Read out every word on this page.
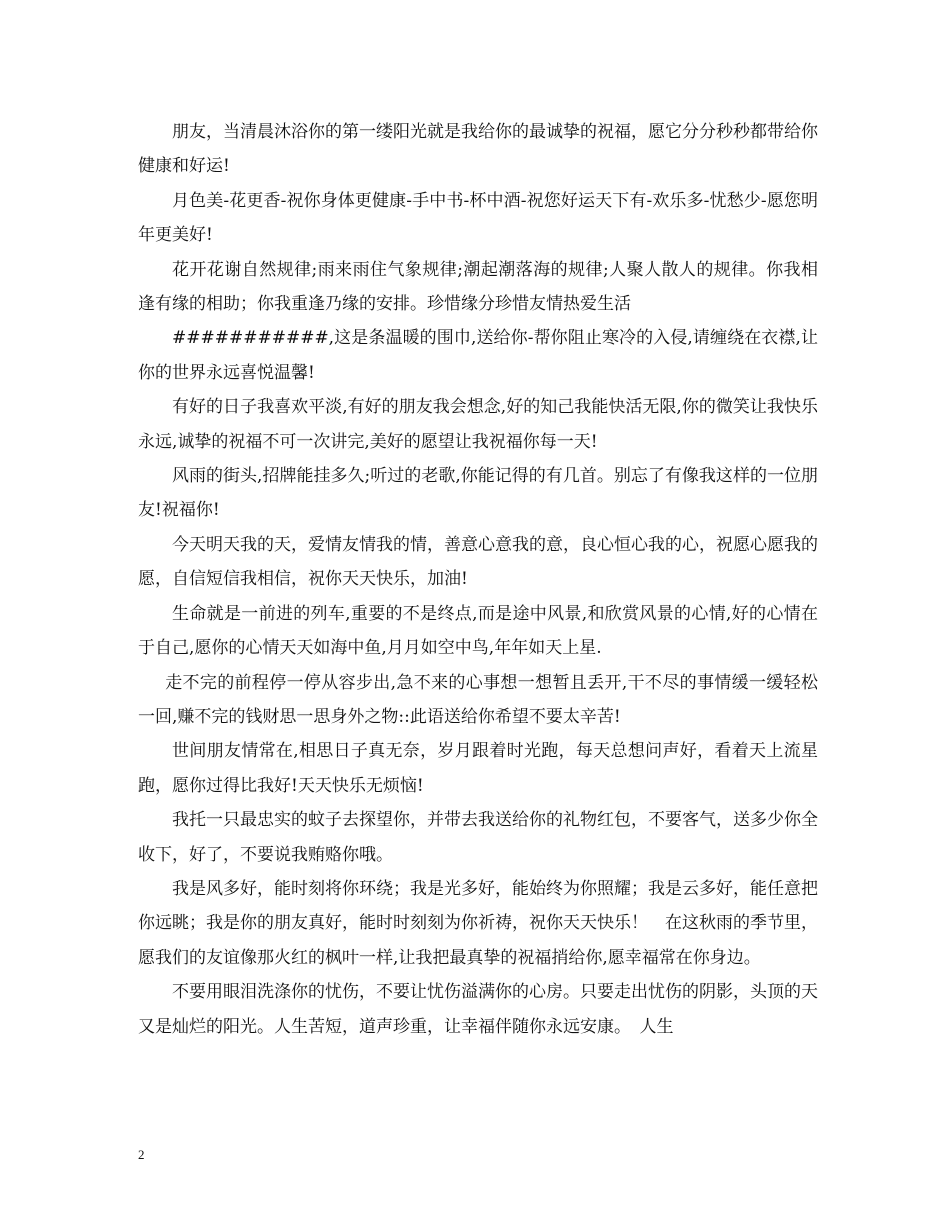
朋友，当清晨沐浴你的第一缕阳光就是我给你的最诚挚的祝福，愿它分分秒秒都带给你健康和好运!

月色美-花更香-祝你身体更健康-手中书-杯中酒-祝您好运天下有-欢乐多-忧愁少-愿您明年更美好!

花开花谢自然规律;雨来雨住气象规律;潮起潮落海的规律;人聚人散人的规律。你我相逢有缘的相助；你我重逢乃缘的安排。珍惜缘分珍惜友情热爱生活

###########,这是条温暖的围巾,送给你-帮你阻止寒冷的入侵,请缠绕在衣襟,让你的世界永远喜悦温馨!

有好的日子我喜欢平淡,有好的朋友我会想念,好的知己我能快活无限,你的微笑让我快乐永远,诚挚的祝福不可一次讲完,美好的愿望让我祝福你每一天!

风雨的街头,招牌能挂多久;听过的老歌,你能记得的有几首。别忘了有像我这样的一位朋友!祝福你!

今天明天我的天，爱情友情我的情，善意心意我的意，良心恒心我的心，祝愿心愿我的愿，自信短信我相信，祝你天天快乐，加油!

生命就是一前进的列车,重要的不是终点,而是途中风景,和欣赏风景的心情,好的心情在于自己,愿你的心情天天如海中鱼,月月如空中鸟,年年如天上星.

走不完的前程停一停从容步出,急不来的心事想一想暂且丢开,干不尽的事情缓一缓轻松一回,赚不完的钱财思一思身外之物::此语送给你希望不要太辛苦!

世间朋友情常在,相思日子真无奈，岁月跟着时光跑，每天总想问声好，看着天上流星跑，愿你过得比我好!天天快乐无烦恼!

我托一只最忠实的蚊子去探望你，并带去我送给你的礼物红包，不要客气，送多少你全收下，好了，不要说我贿赂你哦。

我是风多好，能时刻将你环绕；我是光多好，能始终为你照耀；我是云多好，能任意把你远眺；我是你的朋友真好，能时时刻刻为你祈祷，祝你天天快乐！　在这秋雨的季节里，愿我们的友谊像那火红的枫叶一样,让我把最真挚的祝福捎给你,愿幸福常在你身边。

不要用眼泪洗涤你的忧伤，不要让忧伤溢满你的心房。只要走出忧伤的阴影，头顶的天又是灿烂的阳光。人生苦短，道声珍重，让幸福伴随你永远安康。　人生

2
